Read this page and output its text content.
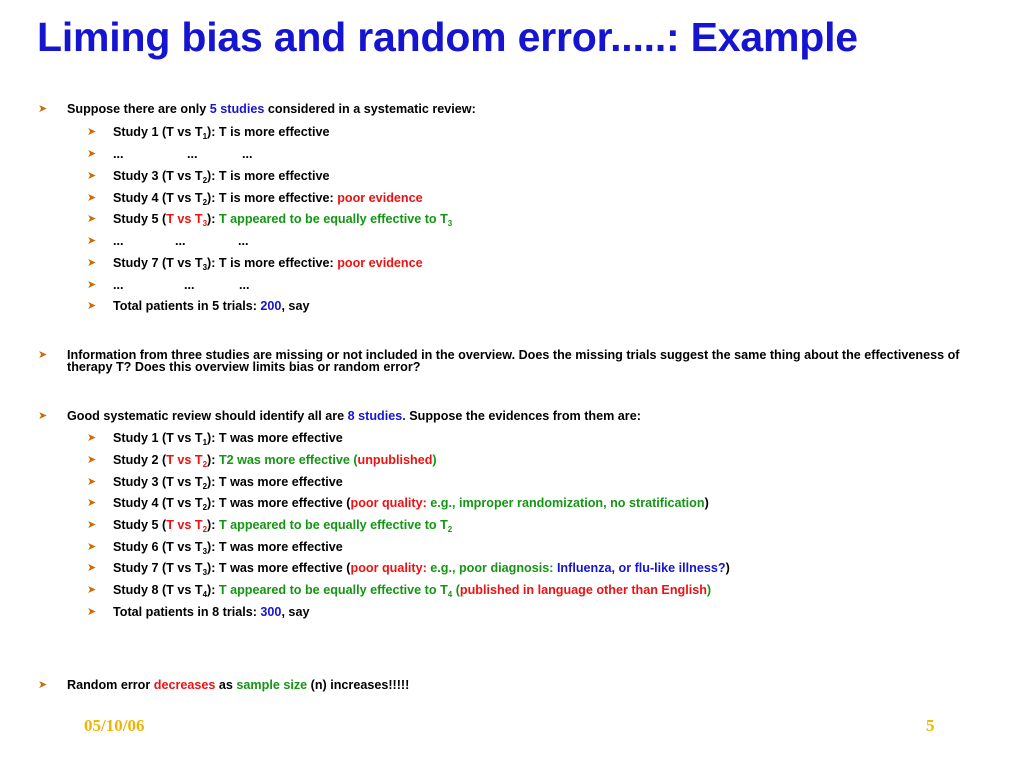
Liming bias and random error.....: Example
➤ Suppose there are only 5 studies considered in a systematic review:
➤ Study 1 (T vs $T_1$): T is more effective
➤ ...	...	...
➤ Study 3 (T vs $T_2$): T is more effective
➤ Study 4 (T vs $T_2$): T is more effective: poor evidence
➤ Study 5 (T vs $T_3$): T appeared to be equally effective to $T_3$
➤ ...	...	...
➤ Study 7 (T vs $T_3$): T is more effective: poor evidence
➤ ...	...	...
➤ Total patients in 5 trials: 200, say
➤ Information from three studies are missing or not included in the overview. Does the missing trials suggest the same thing about the effectiveness of therapy T? Does this overview limits bias or random error?
➤ Good systematic review should identify all are 8 studies. Suppose the evidences from them are:
➤ Study 1 (T vs $T_1$): T was more effective
➤ Study 2 (T vs $T_2$): T2 was more effective (unpublished)
➤ Study 3 (T vs $T_2$): T was more effective
➤ Study 4 (T vs $T_2$): T was more effective (poor quality: e.g., improper randomization, no stratification)
➤ Study 5 (T vs $T_2$): T appeared to be equally effective to $T_2$
➤ Study 6 (T vs $T_3$): T was more effective
➤ Study 7 (T vs $T_3$): T was more effective (poor quality: e.g., poor diagnosis: Influenza, or flu-like illness?)
➤ Study 8 (T vs $T_4$): T appeared to be equally effective to $T_4$ (published in language other than English)
➤ Total patients in 8 trials: 300, say
➤ Random error decreases as sample size (n) increases!!!!!
05/10/06	5
